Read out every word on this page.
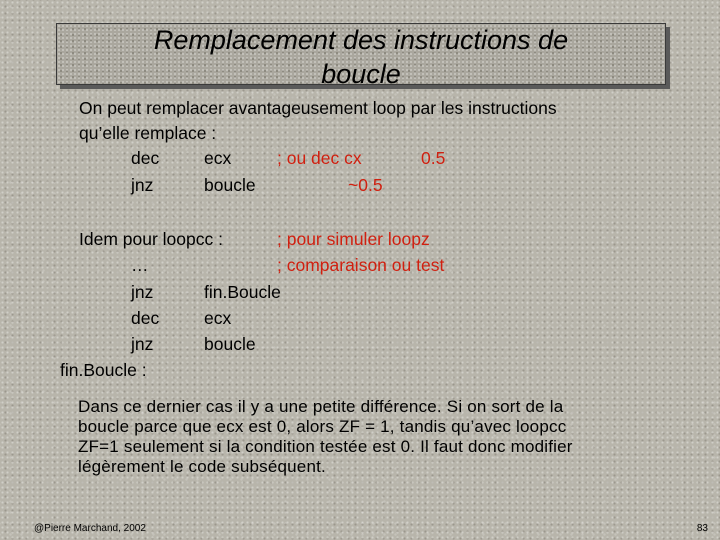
Remplacement des instructions de
boucle
On peut remplacer avantageusement loop par les instructions
qu’elle remplace :
dec	ecx	; ou dec cx	0.5
jnz	boucle	~0.5
Idem pour loopcc :	; pour simuler loopz
…	; comparaison ou test
jnz	fin.Boucle
dec	ecx
jnz	boucle
fin.Boucle :
Dans ce dernier cas il y a une petite différence. Si on sort de la
boucle parce que ecx est 0, alors ZF = 1, tandis qu’avec loopcc
ZF=1 seulement si la condition testée est 0. Il faut donc modifier
légèrement le code subséquent.
@Pierre Marchand, 2002	83
